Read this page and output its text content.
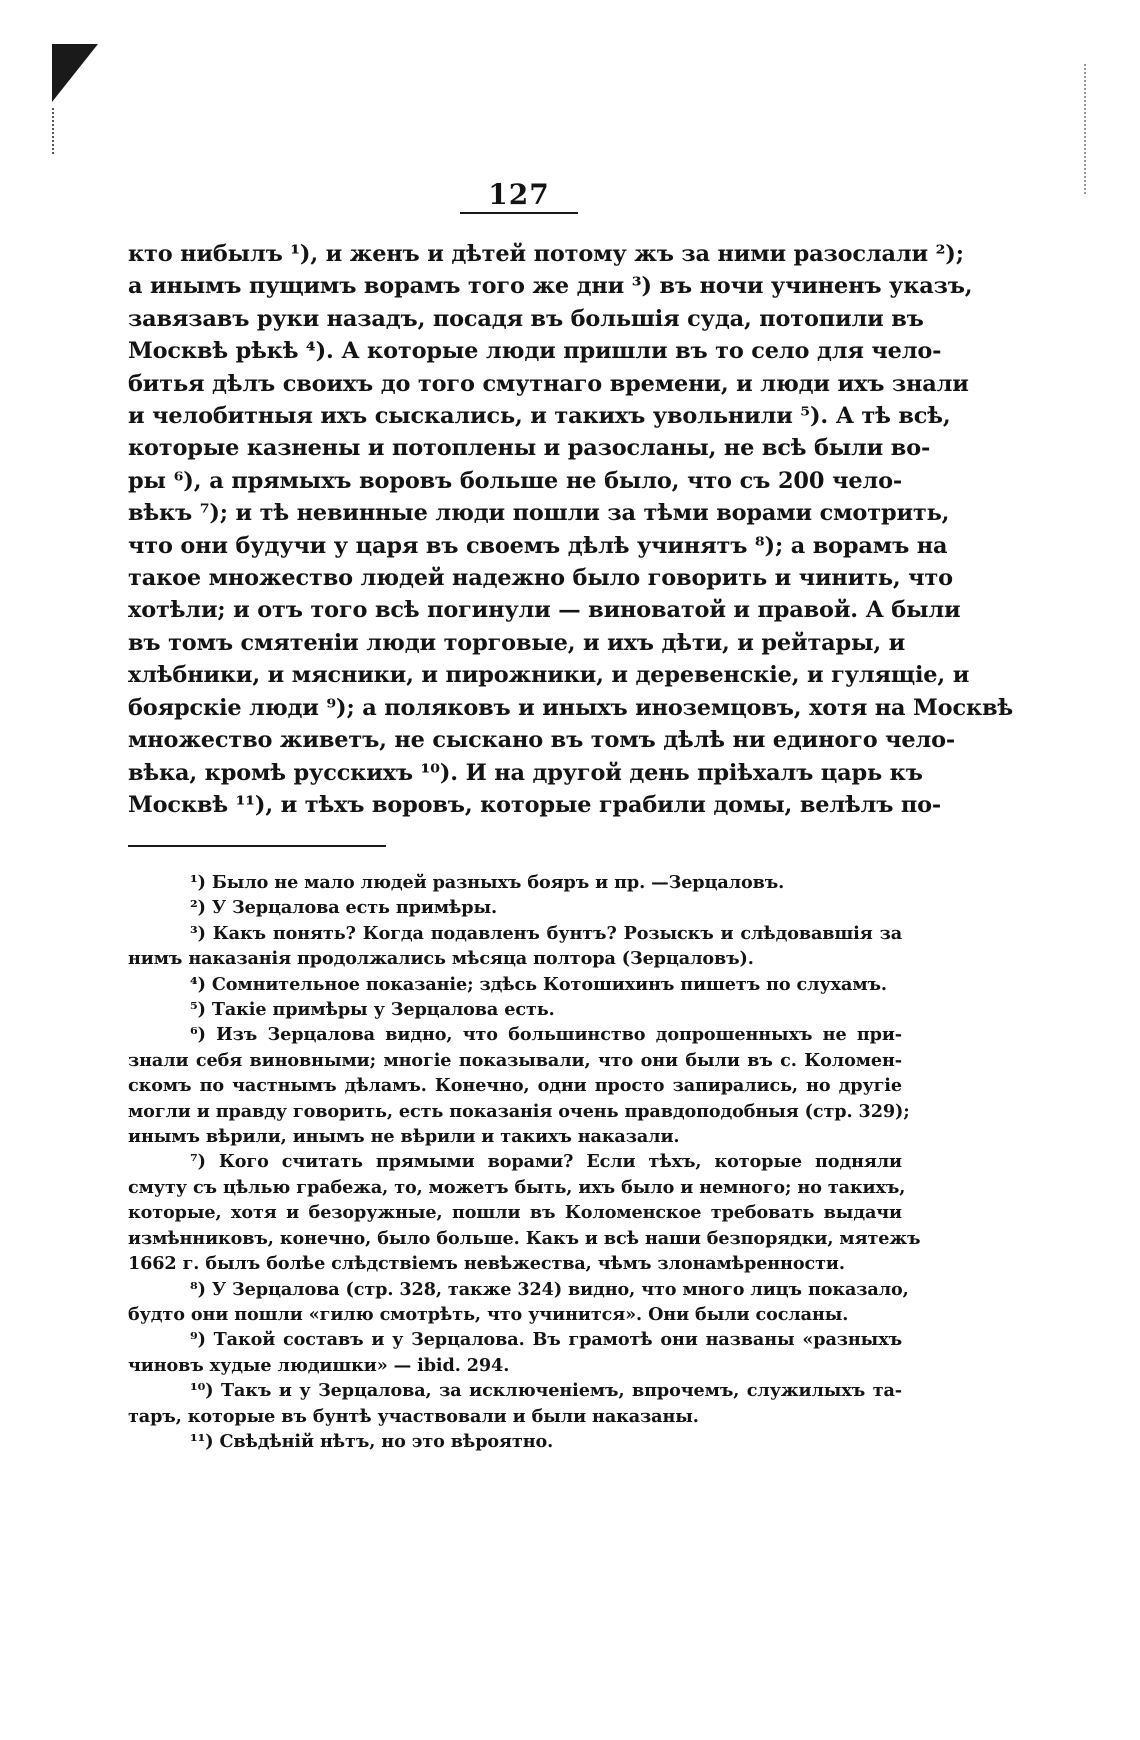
127
кто нибылъ ¹), и женъ и дѣтей потому жъ за ними разослали ²);
а инымъ пущимъ ворамъ того же дни ³) въ ночи учиненъ указъ,
завязавъ руки назадъ, посадя въ большія суда, потопили въ
Москвѣ рѣкѣ ⁴). А которые люди пришли въ то село для чело-
битья дѣлъ своихъ до того смутнаго времени, и люди ихъ знали
и челобитныя ихъ сыскались, и такихъ увольнили ⁵). А тѣ всѣ,
которые казнены и потоплены и разосланы, не всѣ были во-
ры ⁶), а прямыхъ воровъ больше не было, что съ 200 чело-
вѣкъ ⁷); и тѣ невинные люди пошли за тѣми ворами смотрить,
что они будучи у царя въ своемъ дѣлѣ учинятъ ⁸); а ворамъ на
такое множество людей надежно было говорить и чинить, что
хотѣли; и отъ того всѣ погинули — виноватой и правой. А были
въ томъ смятеніи люди торговые, и ихъ дѣти, и рейтары, и
хлѣбники, и мясники, и пирожники, и деревенскіе, и гулящіе, и
боярскіе люди ⁹); а поляковъ и иныхъ иноземцовъ, хотя на Москвѣ
множество живетъ, не сыскано въ томъ дѣлѣ ни единого чело-
вѣка, кромѣ русскихъ ¹⁰). И на другой день пріѣхалъ царь къ
Москвѣ ¹¹), и тѣхъ воровъ, которые грабили домы, велѣлъ по-
¹) Было не мало людей разныхъ бояръ и пр. —Зерцаловъ.
²) У Зерцалова есть примѣры.
³) Какъ понять? Когда подавленъ бунтъ? Розыскъ и слѣдовавшія за
нимъ наказанія продолжались мѣсяца полтора (Зерцаловъ).
⁴) Сомнительное показаніе; здѣсь Котошихинъ пишетъ по слухамъ.
⁵) Такіе примѣры у Зерцалова есть.
⁶) Изъ Зерцалова видно, что большинство допрошенныхъ не при-
знали себя виновными; многіе показывали, что они были въ с. Коломен-
скомъ по частнымъ дѣламъ. Конечно, одни просто запирались, но другіе
могли и правду говорить, есть показанія очень правдоподобныя (стр. 329);
инымъ вѣрили, инымъ не вѣрили и такихъ наказали.
⁷) Кого считать прямыми ворами? Если тѣхъ, которые подняли
смуту съ цѣлью грабежа, то, можетъ быть, ихъ было и немного; но такихъ,
которые, хотя и безоружные, пошли въ Коломенское требовать выдачи
измѣнниковъ, конечно, было больше. Какъ и всѣ наши безпорядки, мятежъ
1662 г. былъ болѣе слѣдствіемъ невѣжества, чѣмъ злонамѣренности.
⁸) У Зерцалова (стр. 328, также 324) видно, что много лицъ показало,
будто они пошли «гилю смотрѣть, что учинится». Они были сосланы.
⁹) Такой составъ и у Зерцалова. Въ грамотѣ они названы «разныхъ
чиновъ худые людишки» — ibid. 294.
¹⁰) Такъ и у Зерцалова, за исключеніемъ, впрочемъ, служилыхъ та-
таръ, которые въ бунтѣ участвовали и были наказаны.
¹¹) Свѣдѣній нѣтъ, но это вѣроятно.
